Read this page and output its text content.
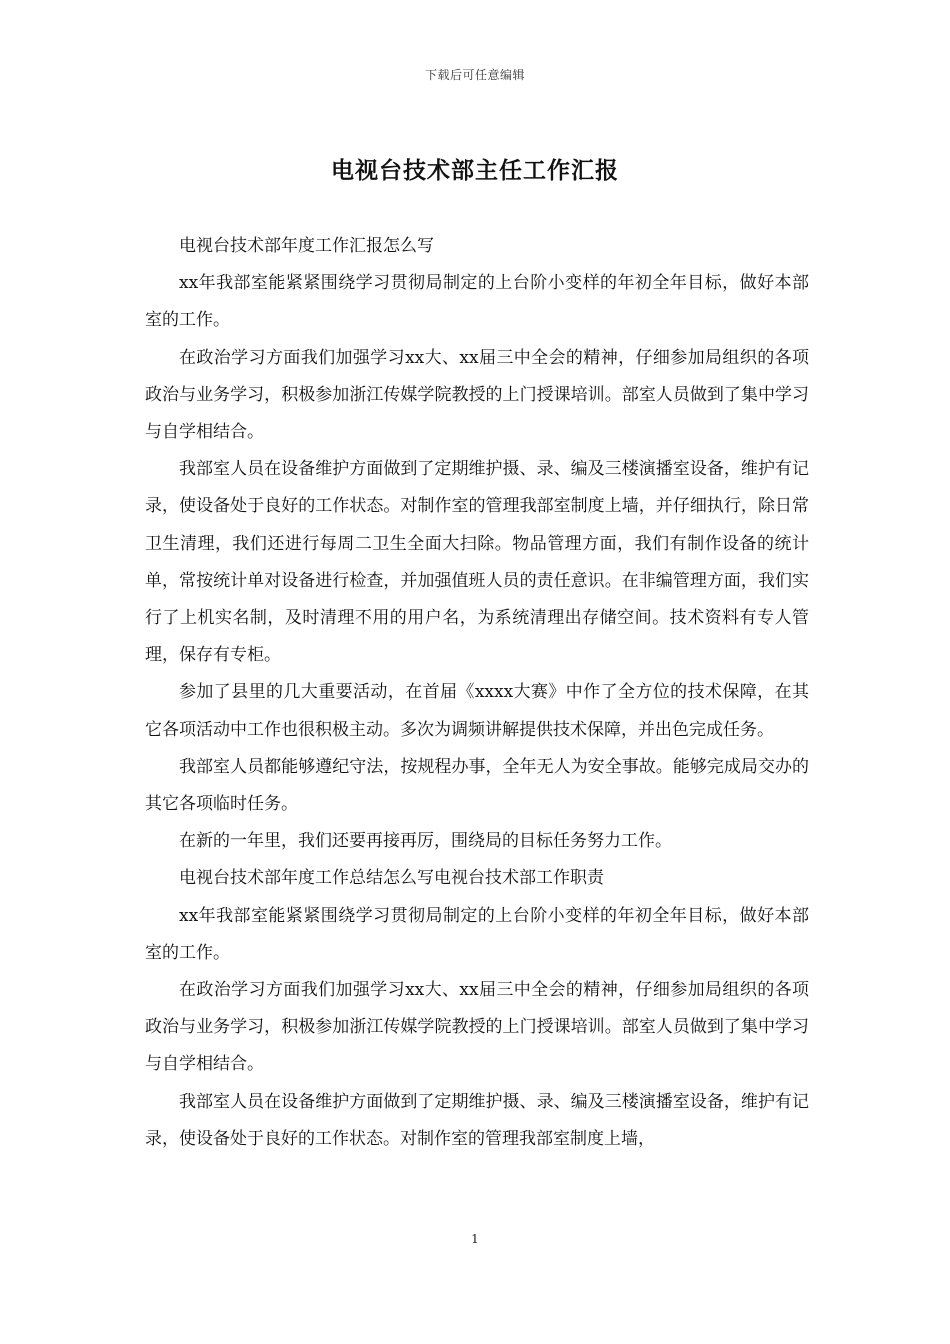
下载后可任意编辑
电视台技术部主任工作汇报

电视台技术部年度工作汇报怎么写

xx年我部室能紧紧围绕学习贯彻局制定的上台阶小变样的年初全年目标，做好本部室的工作。

在政治学习方面我们加强学习xx大、xx届三中全会的精神，仔细参加局组织的各项政治与业务学习，积极参加浙江传媒学院教授的上门授课培训。部室人员做到了集中学习与自学相结合。

我部室人员在设备维护方面做到了定期维护摄、录、编及三楼演播室设备，维护有记录，使设备处于良好的工作状态。对制作室的管理我部室制度上墙，并仔细执行，除日常卫生清理，我们还进行每周二卫生全面大扫除。物品管理方面，我们有制作设备的统计单，常按统计单对设备进行检查，并加强值班人员的责任意识。在非编管理方面，我们实行了上机实名制，及时清理不用的用户名，为系统清理出存储空间。技术资料有专人管理，保存有专柜。

参加了县里的几大重要活动，在首届《xxxx大赛》中作了全方位的技术保障，在其它各项活动中工作也很积极主动。多次为调频讲解提供技术保障，并出色完成任务。

我部室人员都能够遵纪守法，按规程办事，全年无人为安全事故。能够完成局交办的其它各项临时任务。

在新的一年里，我们还要再接再厉，围绕局的目标任务努力工作。

电视台技术部年度工作总结怎么写电视台技术部工作职责

xx年我部室能紧紧围绕学习贯彻局制定的上台阶小变样的年初全年目标，做好本部室的工作。

在政治学习方面我们加强学习xx大、xx届三中全会的精神，仔细参加局组织的各项政治与业务学习，积极参加浙江传媒学院教授的上门授课培训。部室人员做到了集中学习与自学相结合。

我部室人员在设备维护方面做到了定期维护摄、录、编及三楼演播室设备，维护有记录，使设备处于良好的工作状态。对制作室的管理我部室制度上墙，

1
